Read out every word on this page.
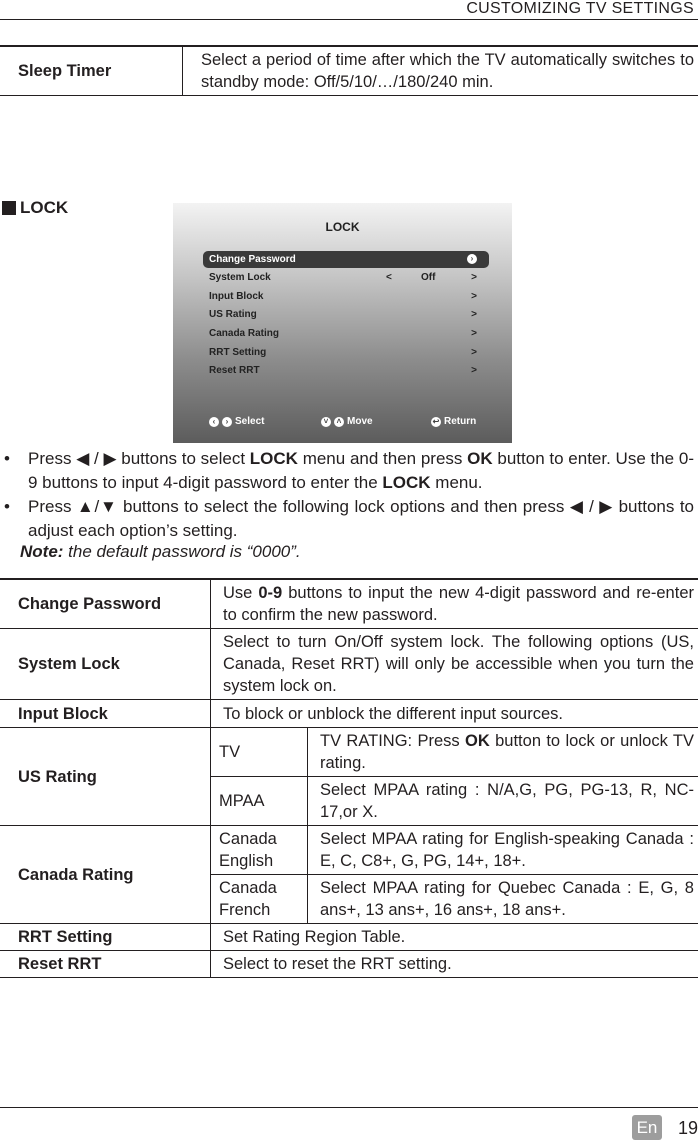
CUSTOMIZING TV SETTINGS
Sleep Timer	Select a period of time after which the TV automatically switches to standby mode: Off/5/10/…/180/240 min.
LOCK
LOCK
Change Password	›
System Lock	<	Off	>
Input Block	>
US Rating	>
Canada Rating	>
RRT Setting	>
Reset RRT	>
‹	› Select	˅	˄ Move	↩ Return
•	Press ◀ / ▶ buttons to select LOCK menu and then press OK button to enter. Use the 0-9 buttons to input 4-digit password to enter the LOCK menu.
•	Press ▲/▼ buttons to select the following lock options and then press ◀ / ▶ buttons to adjust each option’s setting.
Note: the default password is “0000”.
Change Password	Use 0-9 buttons to input the new 4-digit password and re-enter to confirm the new password.	
System Lock	Select to turn On/Off system lock. The following options (US, Canada, Reset RRT) will only be accessible when you turn the system lock on.	
Input Block	To block or unblock the different input sources.	
US Rating	TV	TV RATING: Press OK button to lock or unlock TV rating.
	MPAA	Select MPAA rating : N/A,G, PG, PG-13, R, NC-17,or X.
Canada Rating	Canada English	Select MPAA rating for English-speaking Canada : E, C, C8+, G, PG, 14+, 18+.
	Canada French	Select MPAA rating for Quebec Canada : E, G, 8 ans+, 13 ans+, 16 ans+, 18 ans+.
RRT Setting	Set Rating Region Table.	
Reset RRT	Select to reset the RRT setting.	
En 19
